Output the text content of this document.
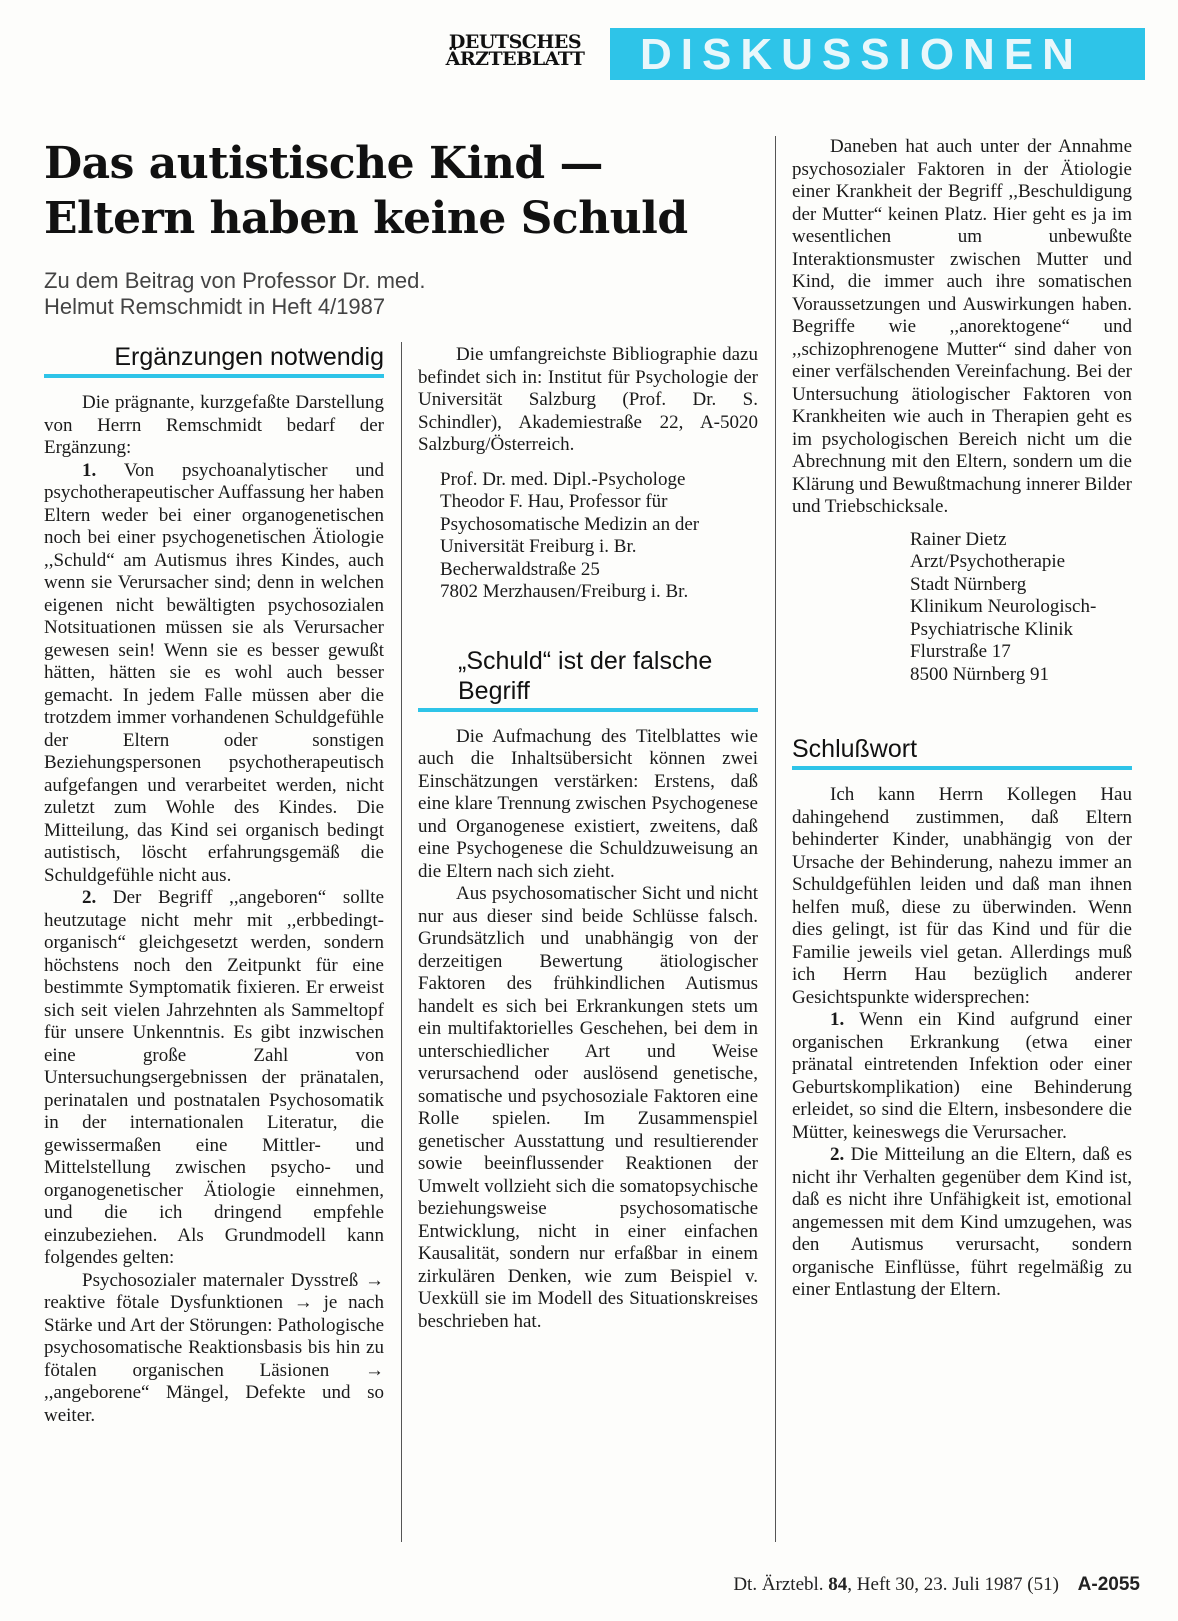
DEUTSCHES
ÄRZTEBLATT	DISKUSSIONEN
Das autistische Kind —
Eltern haben keine Schuld
Zu dem Beitrag von Professor Dr. med.
Helmut Remschmidt in Heft 4/1987
Ergänzungen notwendig

Die prägnante, kurzgefaßte Darstellung von Herrn Remschmidt bedarf der Ergänzung:

1. Von psychoanalytischer und psychotherapeutischer Auffassung her haben Eltern weder bei einer organogenetischen noch bei einer psychogenetischen Ätiologie ,,Schuld“ am Autismus ihres Kindes, auch wenn sie Verursacher sind; denn in welchen eigenen nicht bewältigten psychosozialen Notsituationen müssen sie als Verursacher gewesen sein! Wenn sie es besser gewußt hätten, hätten sie es wohl auch besser gemacht. In jedem Falle müssen aber die trotzdem immer vorhandenen Schuldgefühle der Eltern oder sonstigen Beziehungspersonen psychotherapeutisch aufgefangen und verarbeitet werden, nicht zuletzt zum Wohle des Kindes. Die Mitteilung, das Kind sei organisch bedingt autistisch, löscht erfahrungsgemäß die Schuldgefühle nicht aus.

2. Der Begriff ,,angeboren“ sollte heutzutage nicht mehr mit ,,erbbedingt-organisch“ gleichgesetzt werden, sondern höchstens noch den Zeitpunkt für eine bestimmte Symptomatik fixieren. Er erweist sich seit vielen Jahrzehnten als Sammeltopf für unsere Unkenntnis. Es gibt inzwischen eine große Zahl von Untersuchungsergebnissen der pränatalen, perinatalen und postnatalen Psychosomatik in der internationalen Literatur, die gewissermaßen eine Mittler- und Mittelstellung zwischen psycho- und organogenetischer Ätiologie einnehmen, und die ich dringend empfehle einzubeziehen. Als Grundmodell kann folgendes gelten:

Psychosozialer maternaler Dysstreß → reaktive fötale Dysfunktionen → je nach Stärke und Art der Störungen: Pathologische psychosomatische Reaktionsbasis bis hin zu fötalen organischen Läsionen → ,,angeborene“ Mängel, Defekte und so weiter.

Die umfangreichste Bibliographie dazu befindet sich in: Institut für Psychologie der Universität Salzburg (Prof. Dr. S. Schindler), Akademiestraße 22, A-5020 Salzburg/Österreich.

Prof. Dr. med. Dipl.-Psychologe

Theodor F. Hau, Professor für

Psychosomatische Medizin an der

Universität Freiburg i. Br.

Becherwaldstraße 25

7802 Merzhausen/Freiburg i. Br.

„Schuld“ ist der falsche Begriff

Die Aufmachung des Titelblattes wie auch die Inhaltsübersicht können zwei Einschätzungen verstärken: Erstens, daß eine klare Trennung zwischen Psychogenese und Organogenese existiert, zweitens, daß eine Psychogenese die Schuldzuweisung an die Eltern nach sich zieht.

Aus psychosomatischer Sicht und nicht nur aus dieser sind beide Schlüsse falsch. Grundsätzlich und unabhängig von der derzeitigen Bewertung ätiologischer Faktoren des frühkindlichen Autismus handelt es sich bei Erkrankungen stets um ein multifaktorielles Geschehen, bei dem in unterschiedlicher Art und Weise verursachend oder auslösend genetische, somatische und psychosoziale Faktoren eine Rolle spielen. Im Zusammenspiel genetischer Ausstattung und resultierender sowie beeinflussender Reaktionen der Umwelt vollzieht sich die somatopsychische beziehungsweise psychosomatische Entwicklung, nicht in einer einfachen Kausalität, sondern nur erfaßbar in einem zirkulären Denken, wie zum Beispiel v. Uexküll sie im Modell des Situationskreises beschrieben hat.

Daneben hat auch unter der Annahme psychosozialer Faktoren in der Ätiologie einer Krankheit der Begriff ,,Beschuldigung der Mutter“ keinen Platz. Hier geht es ja im wesentlichen um unbewußte Interaktionsmuster zwischen Mutter und Kind, die immer auch ihre somatischen Voraussetzungen und Auswirkungen haben. Begriffe wie ,,anorektogene“ und ,,schizophrenogene Mutter“ sind daher von einer verfälschenden Vereinfachung. Bei der Untersuchung ätiologischer Faktoren von Krankheiten wie auch in Therapien geht es im psychologischen Bereich nicht um die Abrechnung mit den Eltern, sondern um die Klärung und Bewußtmachung innerer Bilder und Triebschicksale.

Rainer Dietz

Arzt/Psychotherapie

Stadt Nürnberg

Klinikum Neurologisch-

Psychiatrische Klinik

Flurstraße 17

8500 Nürnberg 91

Schlußwort

Ich kann Herrn Kollegen Hau dahingehend zustimmen, daß Eltern behinderter Kinder, unabhängig von der Ursache der Behinderung, nahezu immer an Schuldgefühlen leiden und daß man ihnen helfen muß, diese zu überwinden. Wenn dies gelingt, ist für das Kind und für die Familie jeweils viel getan. Allerdings muß ich Herrn Hau bezüglich anderer Gesichtspunkte widersprechen:

1. Wenn ein Kind aufgrund einer organischen Erkrankung (etwa einer pränatal eintretenden Infektion oder einer Geburtskomplikation) eine Behinderung erleidet, so sind die Eltern, insbesondere die Mütter, keineswegs die Verursacher.

2. Die Mitteilung an die Eltern, daß es nicht ihr Verhalten gegenüber dem Kind ist, daß es nicht ihre Unfähigkeit ist, emotional angemessen mit dem Kind umzugehen, was den Autismus verursacht, sondern organische Einflüsse, führt regelmäßig zu einer Entlastung der Eltern.

Dt. Ärztebl. 84, Heft 30, 23. Juli 1987 (51) A-2055
